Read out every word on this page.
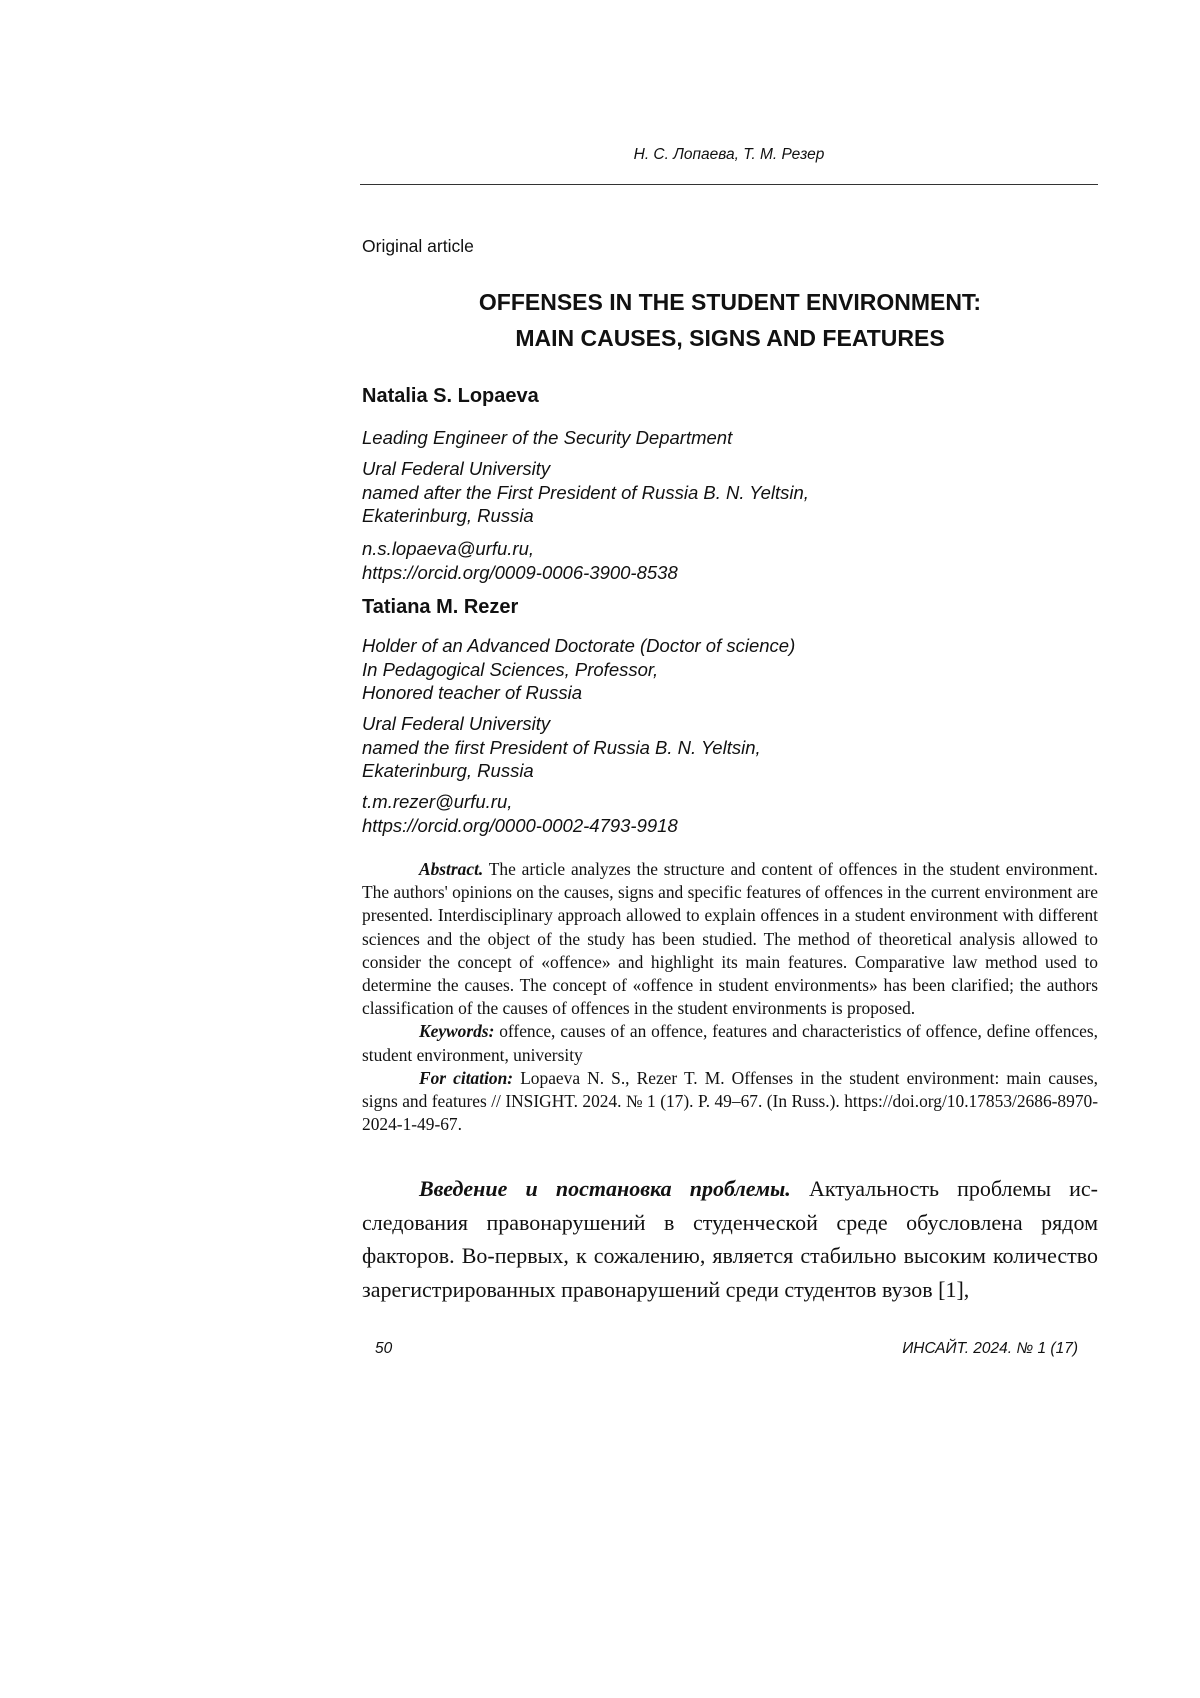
Н. С. Лопаева, Т. М. Резер
Original article
OFFENSES IN THE STUDENT ENVIRONMENT:
MAIN CAUSES, SIGNS AND FEATURES
Natalia S. Lopaeva
Leading Engineer of the Security Department
Ural Federal University
named after the First President of Russia B. N. Yeltsin,
Ekaterinburg, Russia
n.s.lopaeva@urfu.ru,
https://orcid.org/0009-0006-3900-8538
Tatiana M. Rezer
Holder of an Advanced Doctorate (Doctor of science)
In Pedagogical Sciences, Professor,
Honored teacher of Russia
Ural Federal University
named the first President of Russia B. N. Yeltsin,
Ekaterinburg, Russia
t.m.rezer@urfu.ru,
https://orcid.org/0000-0002-4793-9918

Abstract. The article analyzes the structure and content of offences in the student environment. The authors' opinions on the causes, signs and specific features of offences in the current environment are presented. Interdisciplinary approach allowed to explain offences in a student environment with different sciences and the object of the study has been studied. The method of theoretical analysis allowed to consider the concept of «offence» and highlight its main features. Comparative law method used to determine the causes. The concept of «offence in student environments» has been clarified; the authors classification of the causes of offences in the student environments is proposed.

Keywords: offence, causes of an offence, features and characteristics of offence, define offences, student environment, university

For citation: Lopaeva N. S., Rezer T. M. Offenses in the student environment: main causes, signs and features // INSIGHT. 2024. № 1 (17). P. 49–67. (In Russ.). https://doi.org/10.17853/2686-8970-2024-1-49-67.

Введение и постановка проблемы. Актуальность проблемы исследования правонарушений в студенческой среде обусловлена рядом факторов. Во-первых, к сожалению, является стабильно высоким количество зарегистрированных правонарушений среди студентов вузов [1],

50	ИНСАЙТ. 2024. № 1 (17)
